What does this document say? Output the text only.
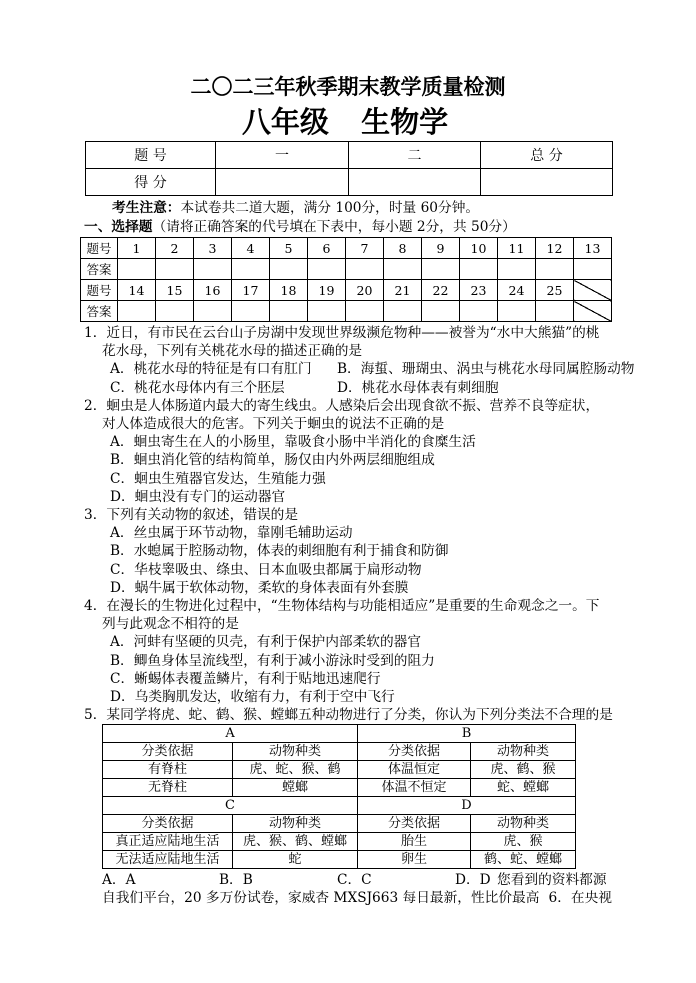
二〇二三年秋季期末教学质量检测
八年级  生物学
题 号	一	二	总 分
得 分			
考生注意：本试卷共二道大题，满分 100分，时量 60分钟。
一、选择题（请将正确答案的代号填在下表中，每小题 2分，共 50分）
题号	1	2	3	4	5	6	7	8	9	10	11	12	13
答案													
题号	14	15	16	17	18	19	20	21	22	23	24	25	
答案													
1．近日，有市民在云台山子房湖中发现世界级濒危物种——被誉为“水中大熊猫”的桃
花水母，下列有关桃花水母的描述正确的是
A．桃花水母的特征是有口有肛门 B．海蜇、珊瑚虫、涡虫与桃花水母同属腔肠动物
C．桃花水母体内有三个胚层	D．桃花水母体表有刺细胞
2．蛔虫是人体肠道内最大的寄生线虫。人感染后会出现食欲不振、营养不良等症状，
对人体造成很大的危害。下列关于蛔虫的说法不正确的是
A．蛔虫寄生在人的小肠里，靠吸食小肠中半消化的食糜生活
B．蛔虫消化管的结构简单，肠仅由内外两层细胞组成
C．蛔虫生殖器官发达，生殖能力强
D．蛔虫没有专门的运动器官
3．下列有关动物的叙述，错误的是
A．丝虫属于环节动物，靠刚毛辅助运动
B．水螅属于腔肠动物，体表的刺细胞有利于捕食和防御
C．华枝睾吸虫、绦虫、日本血吸虫都属于扁形动物
D．蜗牛属于软体动物，柔软的身体表面有外套膜
4．在漫长的生物进化过程中，“生物体结构与功能相适应”是重要的生命观念之一。下
列与此观念不相符的是
A．河蚌有坚硬的贝壳，有利于保护内部柔软的器官
B．鲫鱼身体呈流线型，有利于减小游泳时受到的阻力
C．蜥蜴体表覆盖鳞片，有利于贴地迅速爬行
D．乌类胸肌发达，收缩有力，有利于空中飞行
5．某同学将虎、蛇、鹤、猴、螳螂五种动物进行了分类，你认为下列分类法不合理的是
A		B	
分类依据	动物种类	分类依据	动物种类
有脊柱	虎、蛇、猴、鹤	体温恒定	虎、鹤、猴
无脊柱	螳螂	体温不恒定	蛇、螳螂
C		D	
分类依据	动物种类	分类依据	动物种类
真正适应陆地生活	虎、猴、鹤、螳螂	胎生	虎、猴
无法适应陆地生活	蛇	卵生	鹤、蛇、螳螂
A．A	B．B	C．C	D．D 您看到的资料都源
自我们平台，20 多万份试卷，家威杏 MXSJ663 每日最新，性比价最高 6．在央视
